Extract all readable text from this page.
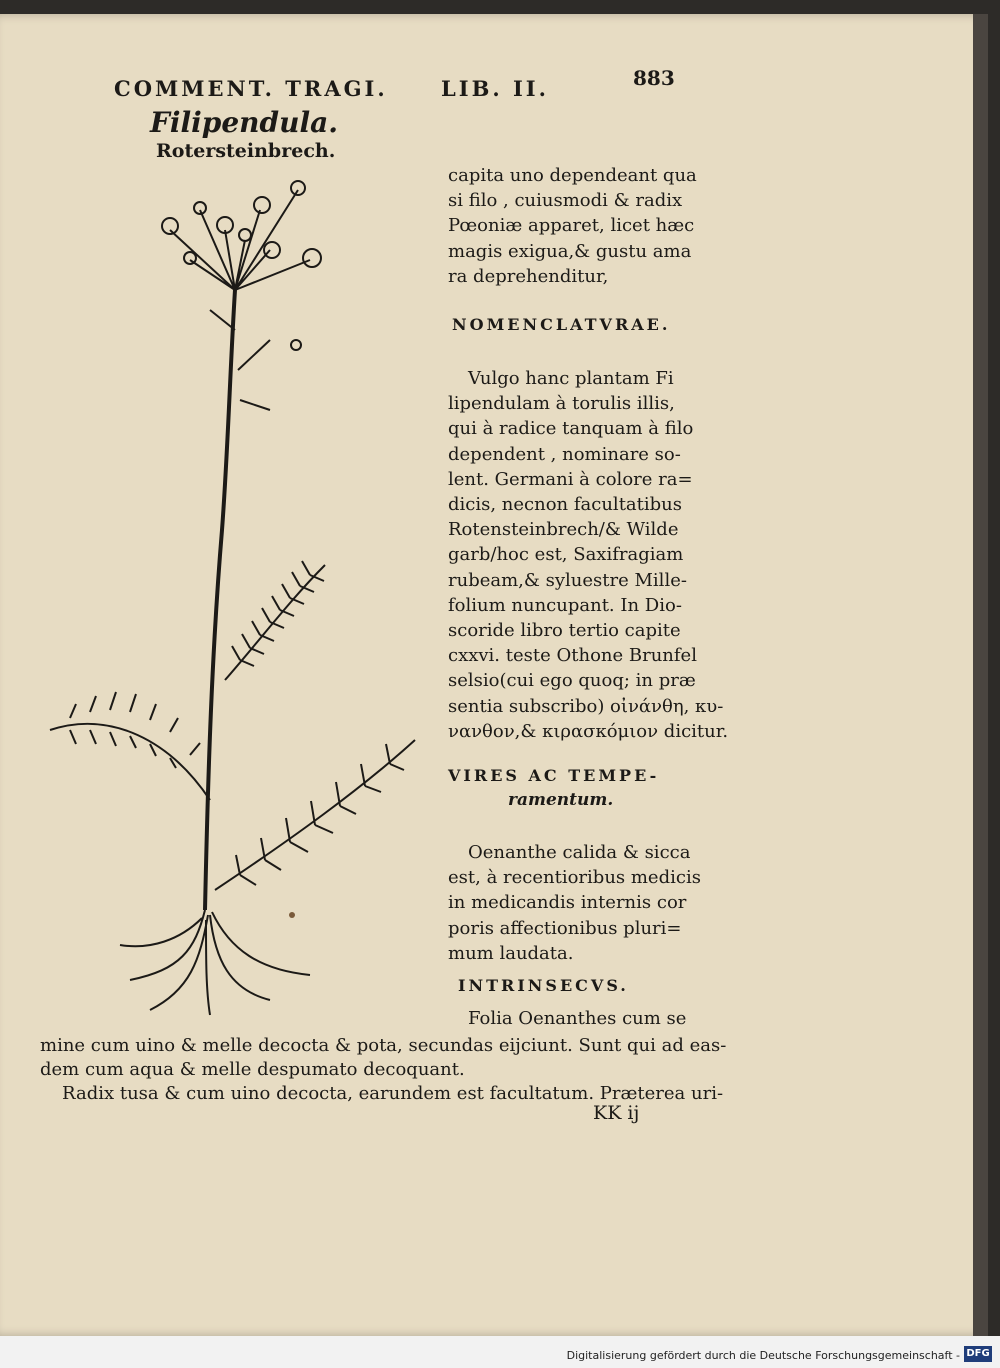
COMMENT. TRAGI.	LIB. II.	883
Filipendula.
Rotersteinbrech.

capita uno dependeant qua

si filo , cuiusmodi & radix

Pœoniæ apparet, licet hæc

magis exigua,& gustu ama

ra deprehenditur,

NOMENCLATVRAE.

Vulgo hanc plantam Fi

lipendulam à torulis illis,

qui à radice tanquam à filo

dependent , nominare so-

lent. Germani à colore ra=

dicis, necnon facultatibus

Rotensteinbrech/& Wilde

garb/hoc est, Saxifragiam

rubeam,& syluestre Mille-

folium nuncupant. In Dio-

scoride libro tertio capite

cxxvi. teste Othone Brunfel

selsio(cui ego quoq; in præ

sentia subscribo) οἰνάνθη, κυ-

νανθον,& κιρασκόμιον dicitur.

VIRES AC TEMPE-
ramentum.

Oenanthe calida & sicca

est, à recentioribus medicis

in medicandis internis cor

poris affectionibus pluri=

mum laudata.

INTRINSECVS.

Folia Oenanthes cum se

mine cum uino & melle decocta & pota, secundas eijciunt. Sunt qui ad eas-

dem cum aqua & melle despumato decoquant.

Radix tusa & cum uino decocta, earundem est facultatum. Præterea uri-

KK ij
Digitalisierung gefördert durch die Deutsche Forschungsgemeinschaft - DFG
